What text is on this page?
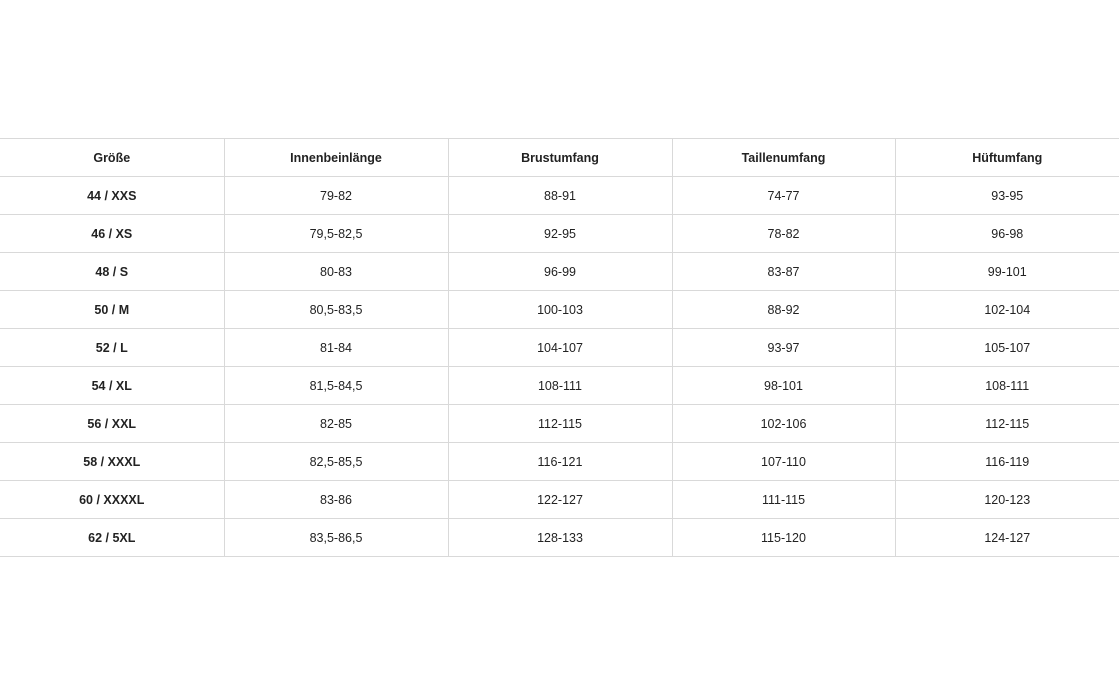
Größe	Innenbeinlänge	Brustumfang	Taillenumfang	Hüftumfang
44 / XXS	79-82	88-91	74-77	93-95
46 / XS	79,5-82,5	92-95	78-82	96-98
48 / S	80-83	96-99	83-87	99-101
50 / M	80,5-83,5	100-103	88-92	102-104
52 / L	81-84	104-107	93-97	105-107
54 / XL	81,5-84,5	108-111	98-101	108-111
56 / XXL	82-85	112-115	102-106	112-115
58 / XXXL	82,5-85,5	116-121	107-110	116-119
60 / XXXXL	83-86	122-127	111-115	120-123
62 / 5XL	83,5-86,5	128-133	115-120	124-127
